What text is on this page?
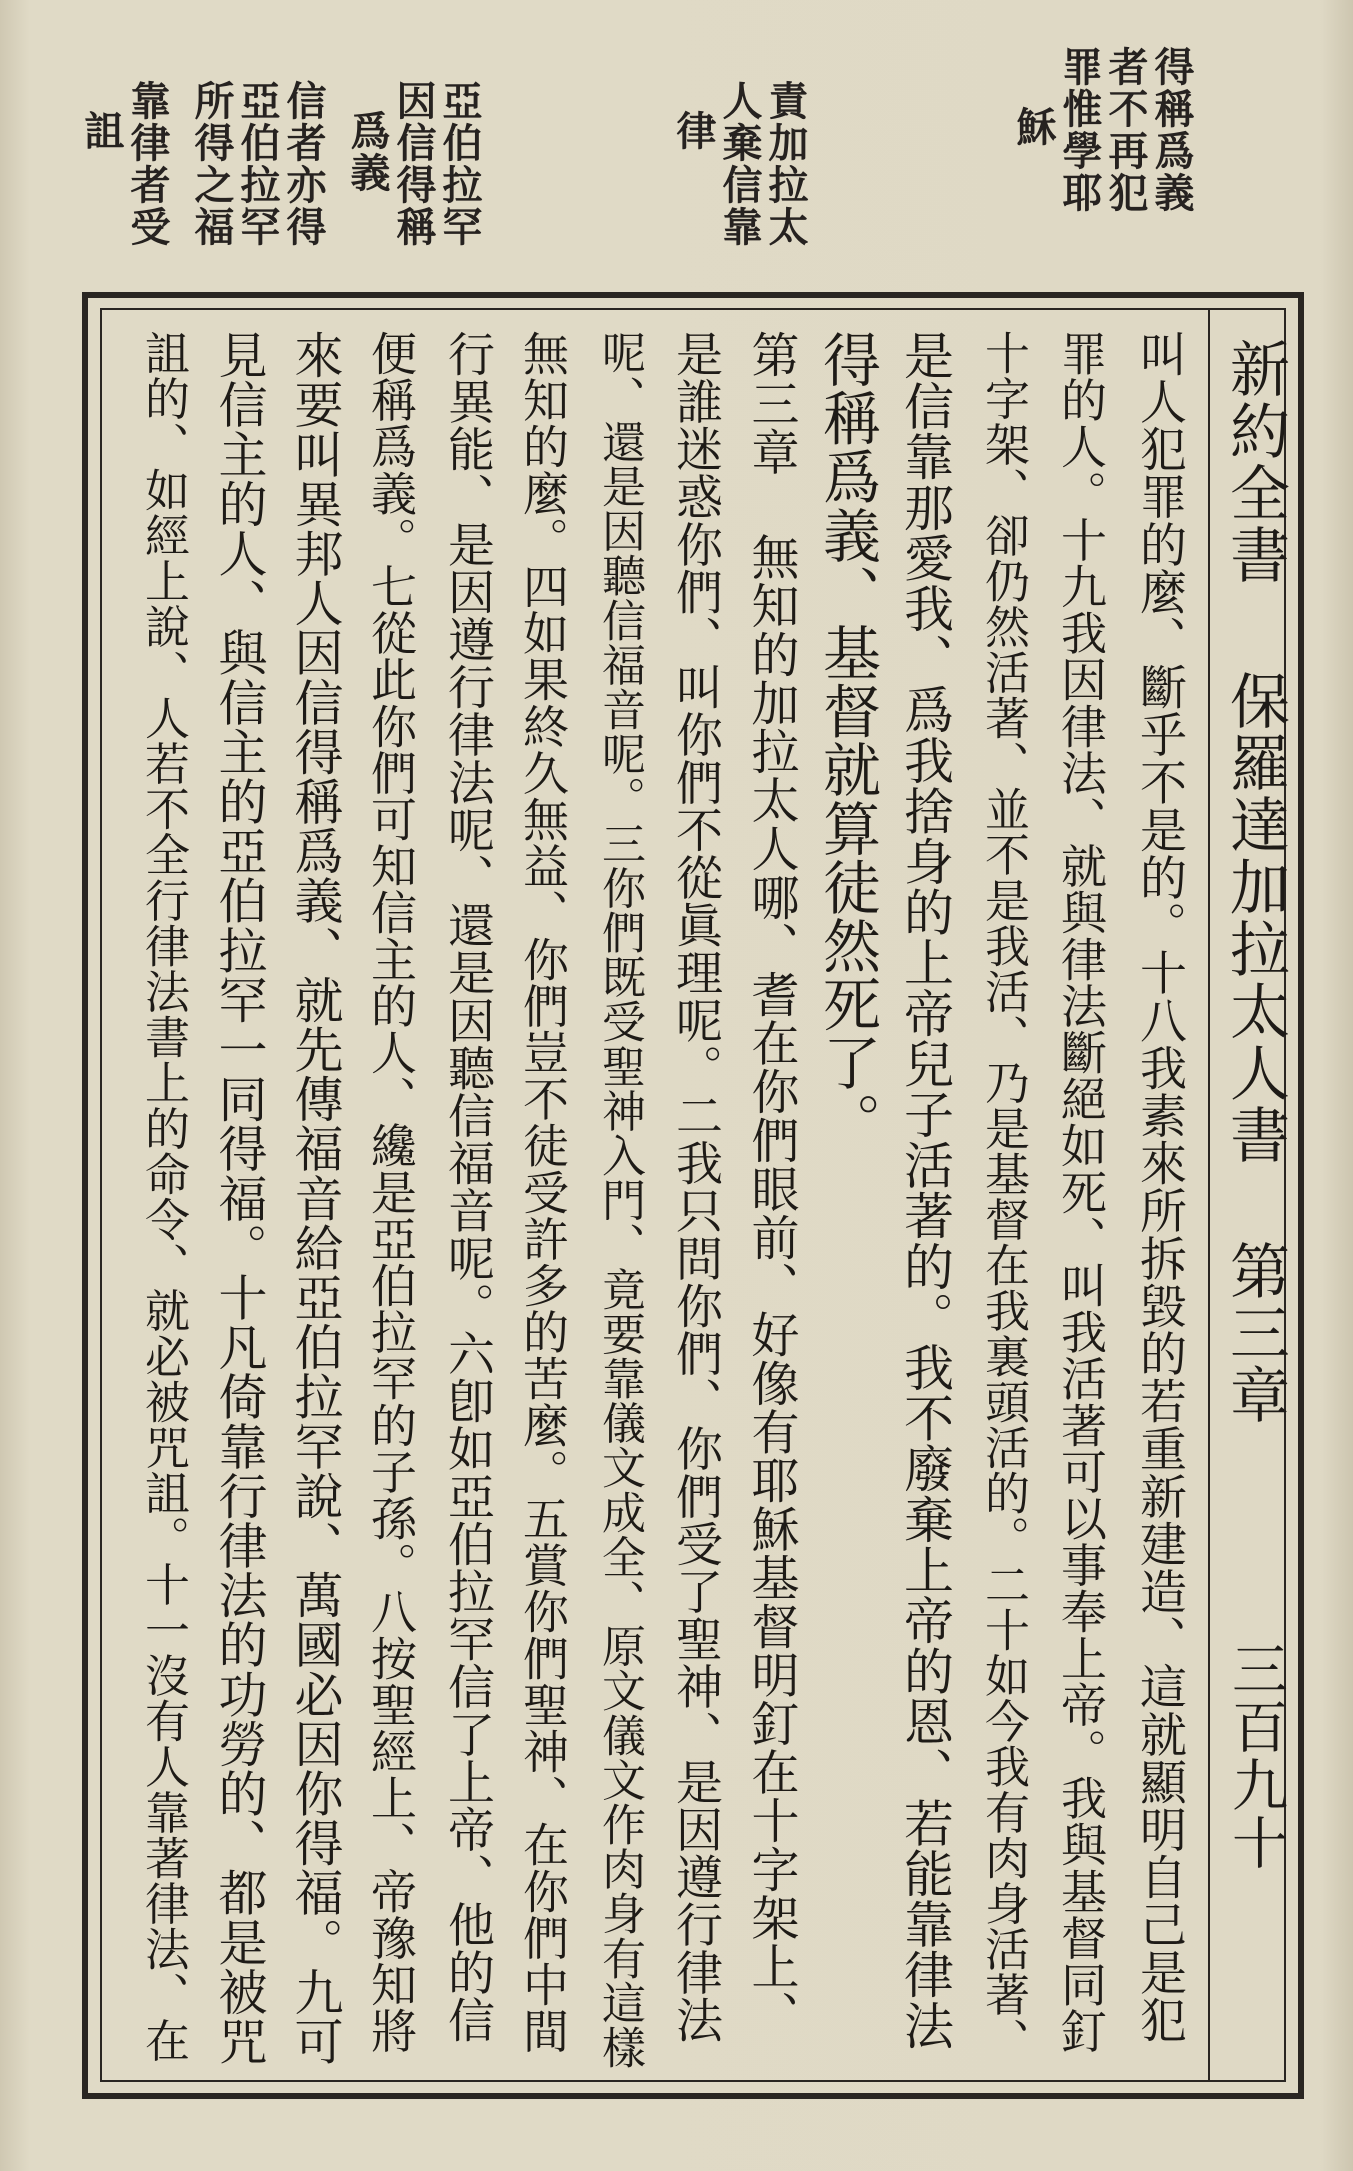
得稱爲義
者不再犯
罪惟學耶
穌
責加拉太
人棄信靠
律
亞伯拉罕
因信得稱
爲義
信者亦得
亞伯拉罕
所得之福
靠律者受
詛
新約全書
保羅達加拉太人書
第三章
三百九十
叫人犯罪的麼、斷乎不是的。十八我素來所拆毀的若重新建造、這就顯明自己是犯
罪的人。十九我因律法、就與律法斷絕如死、叫我活著可以事奉上帝。我與基督同釘
十字架、卻仍然活著、並不是我活、乃是基督在我裏頭活的。二十如今我有肉身活著、
是信靠那愛我、爲我捨身的上帝兒子活著的。我不廢棄上帝的恩、若能靠律法
得稱爲義、基督就算徒然死了。
第三章 無知的加拉太人哪、耆在你們眼前、好像有耶穌基督明釘在十字架上、
是誰迷惑你們、叫你們不從眞理呢。二我只問你們、你們受了聖神、是因遵行律法
呢、還是因聽信福音呢。三你們既受聖神入門、竟要靠儀文成全、原文儀文作肉身有這樣
無知的麼。四如果終久無益、你們豈不徒受許多的苦麼。五賞你們聖神、在你們中間
行異能、是因遵行律法呢、還是因聽信福音呢。六卽如亞伯拉罕信了上帝、他的信
便稱爲義。七從此你們可知信主的人、纔是亞伯拉罕的子孫。八按聖經上、帝豫知將
來要叫異邦人因信得稱爲義、就先傳福音給亞伯拉罕說、萬國必因你得福。九可
見信主的人、與信主的亞伯拉罕一同得福。十凡倚靠行律法的功勞的、都是被咒
詛的、如經上說、人若不全行律法書上的命令、就必被咒詛。十一沒有人靠著律法、在
